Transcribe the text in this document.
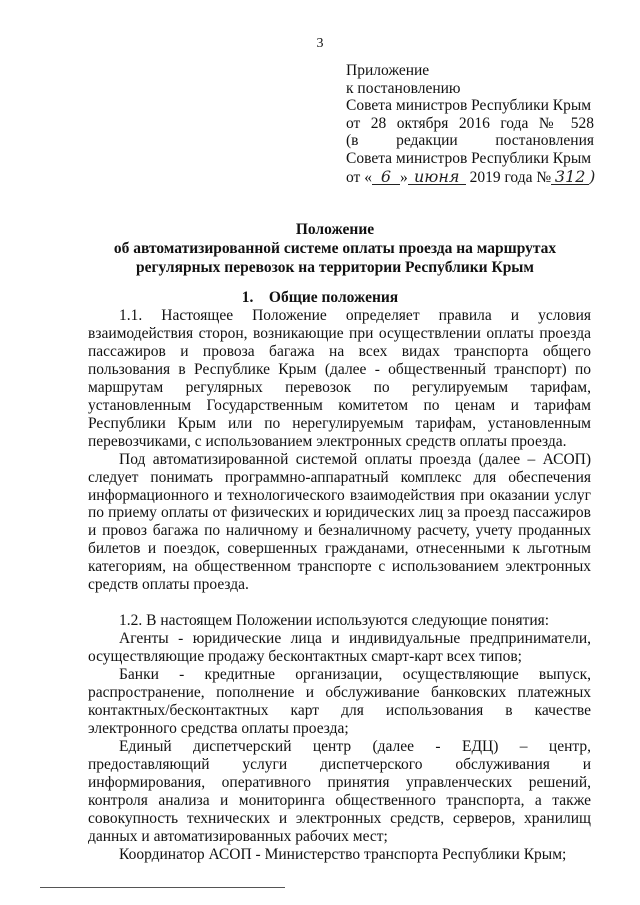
3
Приложение
к постановлению
Совета министров Республики Крым
от 28 октября 2016 года № 528
(в редакции постановления
Совета министров Республики Крым
от « 6 » июня 2019 года № 312 )
Положение
об автоматизированной системе оплаты проезда на маршрутах
регулярных перевозок на территории Республики Крым
1.    Общие положения

1.1. Настоящее Положение определяет правила и условия взаимодействия сторон, возникающие при осуществлении оплаты проезда пассажиров и провоза багажа на всех видах транспорта общего пользования в Республике Крым (далее - общественный транспорт) по маршрутам регулярных перевозок по регулируемым тарифам, установленным Государственным комитетом по ценам и тарифам Республики Крым или по нерегулируемым тарифам, установленным перевозчиками, с использованием электронных средств оплаты проезда.

Под автоматизированной системой оплаты проезда (далее – АСОП) следует понимать программно-аппаратный комплекс для обеспечения информационного и технологического взаимодействия при оказании услуг по приему оплаты от физических и юридических лиц за проезд пассажиров и провоз багажа по наличному и безналичному расчету, учету проданных билетов и поездок, совершенных гражданами, отнесенными к льготным категориям, на общественном транспорте с использованием электронных средств оплаты проезда.

1.2. В настоящем Положении используются следующие понятия:

Агенты - юридические лица и индивидуальные предприниматели, осуществляющие продажу бесконтактных смарт-карт всех типов;

Банки - кредитные организации, осуществляющие выпуск, распространение, пополнение и обслуживание банковских платежных контактных/бесконтактных карт для использования в качестве электронного средства оплаты проезда;

Единый диспетчерский центр (далее - ЕДЦ) – центр, предоставляющий услуги диспетчерского обслуживания и информирования, оперативного принятия управленческих решений, контроля анализа и мониторинга общественного транспорта, а также совокупность технических и электронных средств, серверов, хранилищ данных и автоматизированных рабочих мест;

Координатор АСОП - Министерство транспорта Республики Крым;
